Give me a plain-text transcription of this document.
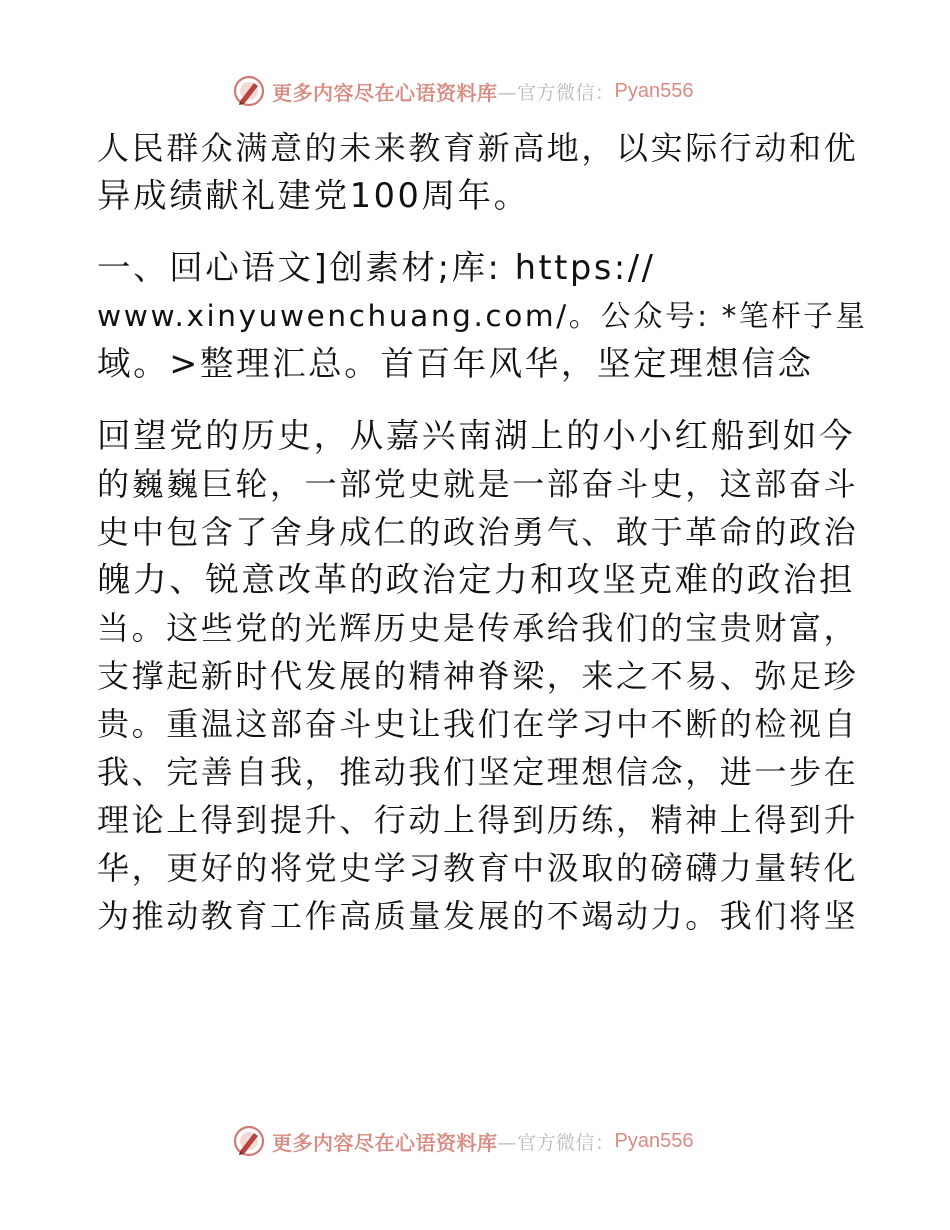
更多内容尽在心语资料库 —官方微信： Pyan556
人民群众满意的未来教育新高地，以实际行动和优
异成绩献礼建党100周年。
一、回心语文]创素材;库: https://
www.xinyuwenchuang.com/。公众号: *笔杆子星
域。>整理汇总。首百年风华，坚定理想信念
回望党的历史，从嘉兴南湖上的小小红船到如今
的巍巍巨轮，一部党史就是一部奋斗史，这部奋斗
史中包含了舍身成仁的政治勇气、敢于革命的政治
魄力、锐意改革的政治定力和攻坚克难的政治担
当。这些党的光辉历史是传承给我们的宝贵财富，
支撑起新时代发展的精神脊梁，来之不易、弥足珍
贵。重温这部奋斗史让我们在学习中不断的检视自
我、完善自我，推动我们坚定理想信念，进一步在
理论上得到提升、行动上得到历练，精神上得到升
华，更好的将党史学习教育中汲取的磅礴力量转化
为推动教育工作高质量发展的不竭动力。我们将坚
更多内容尽在心语资料库 —官方微信： Pyan556
